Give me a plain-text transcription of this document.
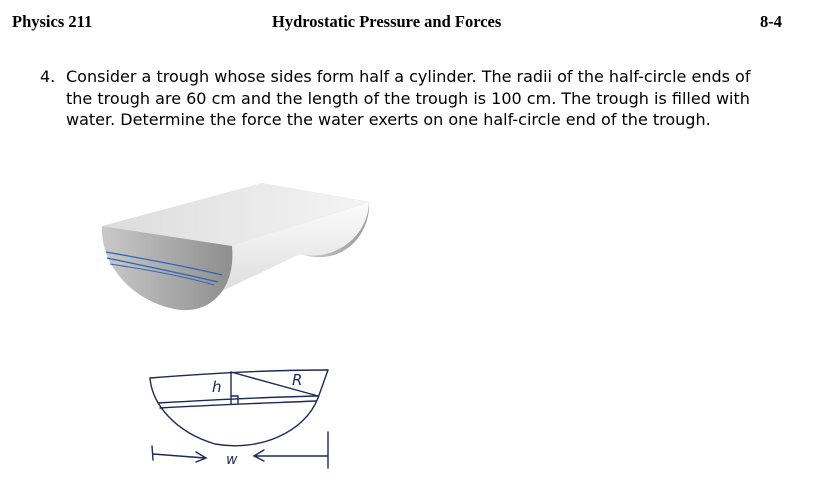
Physics 211	Hydrostatic Pressure and Forces	8-4
4. Consider a trough whose sides form half a cylinder. The radii of the half-circle ends of the trough are 60 cm and the length of the trough is 100 cm. The trough is filled with water. Determine the force the water exerts on one half-circle end of the trough.
h	R
w
